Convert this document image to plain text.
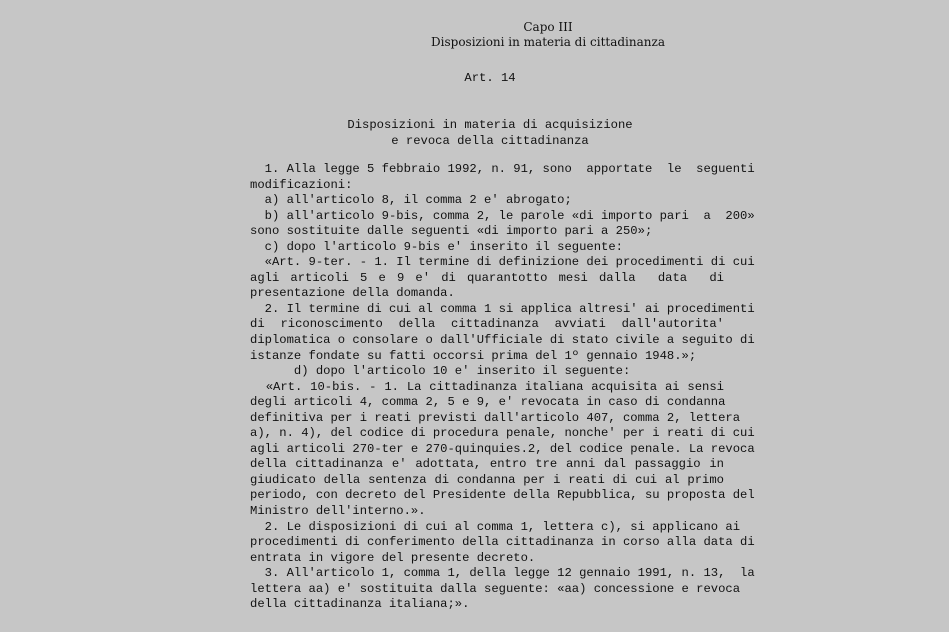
Capo III
Disposizioni in materia di cittadinanza
Art. 14
Disposizioni in materia di acquisizione
e revoca della cittadinanza
1. Alla legge 5 febbraio 1992, n. 91, sono  apportate  le  seguenti
modificazioni:
a) all'articolo 8, il comma 2 e' abrogato;
b) all'articolo 9-bis, comma 2, le parole «di importo pari  a  200»
sono sostituite dalle seguenti «di importo pari a 250»;
c) dopo l'articolo 9-bis e' inserito il seguente:
«Art. 9-ter. - 1. Il termine di definizione dei procedimenti di cui
agli articoli 5 e 9 e' di quarantotto mesi dalla  data  di
presentazione della domanda.
2. Il termine di cui al comma 1 si applica altresi' ai procedimenti
di riconoscimento della cittadinanza avviati dall'autorita'
diplomatica o consolare o dall'Ufficiale di stato civile a seguito di
istanze fondate su fatti occorsi prima del 1º gennaio 1948.»;
d) dopo l'articolo 10 e' inserito il seguente:
«Art. 10-bis. - 1. La cittadinanza italiana acquisita ai sensi
degli articoli 4, comma 2, 5 e 9, e' revocata in caso di condanna
definitiva per i reati previsti dall'articolo 407, comma 2, lettera
a), n. 4), del codice di procedura penale, nonche' per i reati di cui
agli articoli 270-ter e 270-quinquies.2, del codice penale. La revoca
della cittadinanza e' adottata, entro tre anni dal passaggio in
giudicato della sentenza di condanna per i reati di cui al primo
periodo, con decreto del Presidente della Repubblica, su proposta del
Ministro dell'interno.».
2. Le disposizioni di cui al comma 1, lettera c), si applicano ai
procedimenti di conferimento della cittadinanza in corso alla data di
entrata in vigore del presente decreto.
3. All'articolo 1, comma 1, della legge 12 gennaio 1991, n. 13,  la
lettera aa) e' sostituita dalla seguente: «aa) concessione e revoca
della cittadinanza italiana;».
